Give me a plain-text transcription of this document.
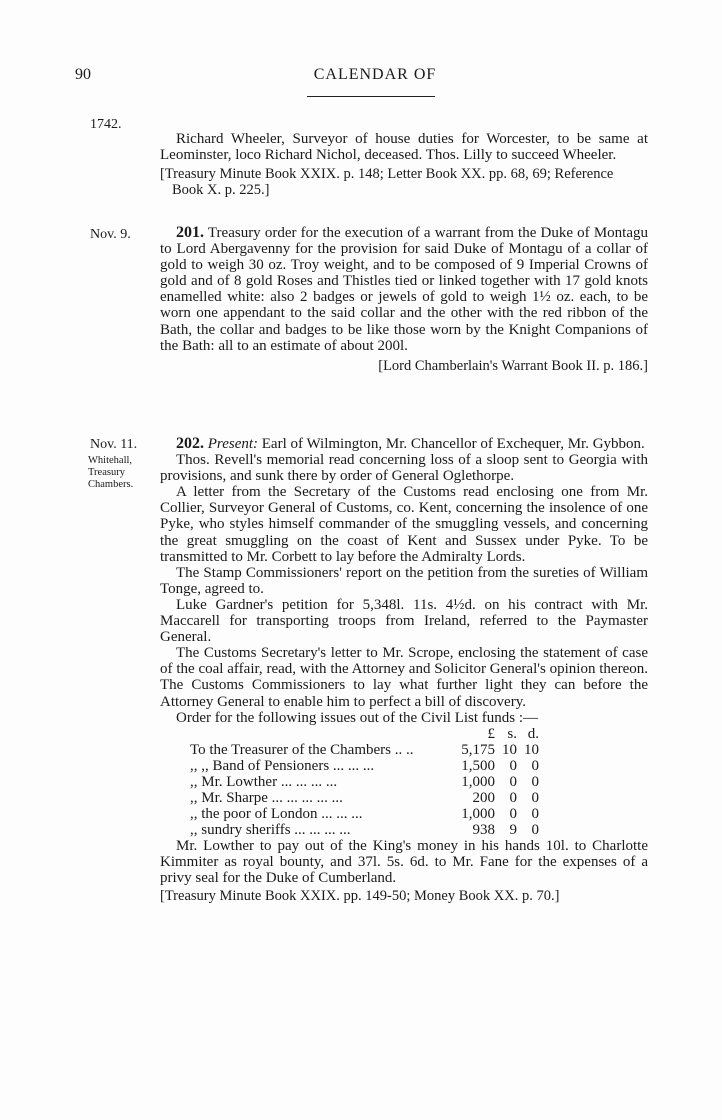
90	CALENDAR OF
1742.
Nov. 9.
Nov. 11.
Whitehall,
Treasury
Chambers.

Richard Wheeler, Surveyor of house duties for Worcester, to be same at Leominster, loco Richard Nichol, deceased. Thos. Lilly to succeed Wheeler.

[Treasury Minute Book XXIX. p. 148; Letter Book XX. pp. 68, 69; Reference Book X. p. 225.]

201. Treasury order for the execution of a warrant from the Duke of Montagu to Lord Abergavenny for the provision for said Duke of Montagu of a collar of gold to weigh 30 oz. Troy weight, and to be composed of 9 Imperial Crowns of gold and of 8 gold Roses and Thistles tied or linked together with 17 gold knots enamelled white: also 2 badges or jewels of gold to weigh 1½ oz. each, to be worn one appendant to the said collar and the other with the red ribbon of the Bath, the collar and badges to be like those worn by the Knight Companions of the Bath: all to an estimate of about 200l.

[Lord Chamberlain's Warrant Book II. p. 186.]

202. Present: Earl of Wilmington, Mr. Chancellor of Exchequer, Mr. Gybbon.

Thos. Revell's memorial read concerning loss of a sloop sent to Georgia with provisions, and sunk there by order of General Oglethorpe.

A letter from the Secretary of the Customs read enclosing one from Mr. Collier, Surveyor General of Customs, co. Kent, concerning the insolence of one Pyke, who styles himself commander of the smuggling vessels, and concerning the great smuggling on the coast of Kent and Sussex under Pyke. To be transmitted to Mr. Corbett to lay before the Admiralty Lords.

The Stamp Commissioners' report on the petition from the sureties of William Tonge, agreed to.

Luke Gardner's petition for 5,348l. 11s. 4½d. on his contract with Mr. Maccarell for transporting troops from Ireland, referred to the Paymaster General.

The Customs Secretary's letter to Mr. Scrope, enclosing the statement of case of the coal affair, read, with the Attorney and Solicitor General's opinion thereon. The Customs Commissioners to lay what further light they can before the Attorney General to enable him to perfect a bill of discovery.

Order for the following issues out of the Civil List funds :—

	£	s.	d.
To the Treasurer of the Chambers .. ..	5,175	10	10
,, ,, Band of Pensioners ... ... ...	1,500	0	0
,, Mr. Lowther ... ... ... ...	1,000	0	0
,, Mr. Sharpe ... ... ... ... ...	200	0	0
,, the poor of London ... ... ...	1,000	0	0
,, sundry sheriffs ... ... ... ...	938	9	0

Mr. Lowther to pay out of the King's money in his hands 10l. to Charlotte Kimmiter as royal bounty, and 37l. 5s. 6d. to Mr. Fane for the expenses of a privy seal for the Duke of Cumberland.

[Treasury Minute Book XXIX. pp. 149-50; Money Book XX. p. 70.]
